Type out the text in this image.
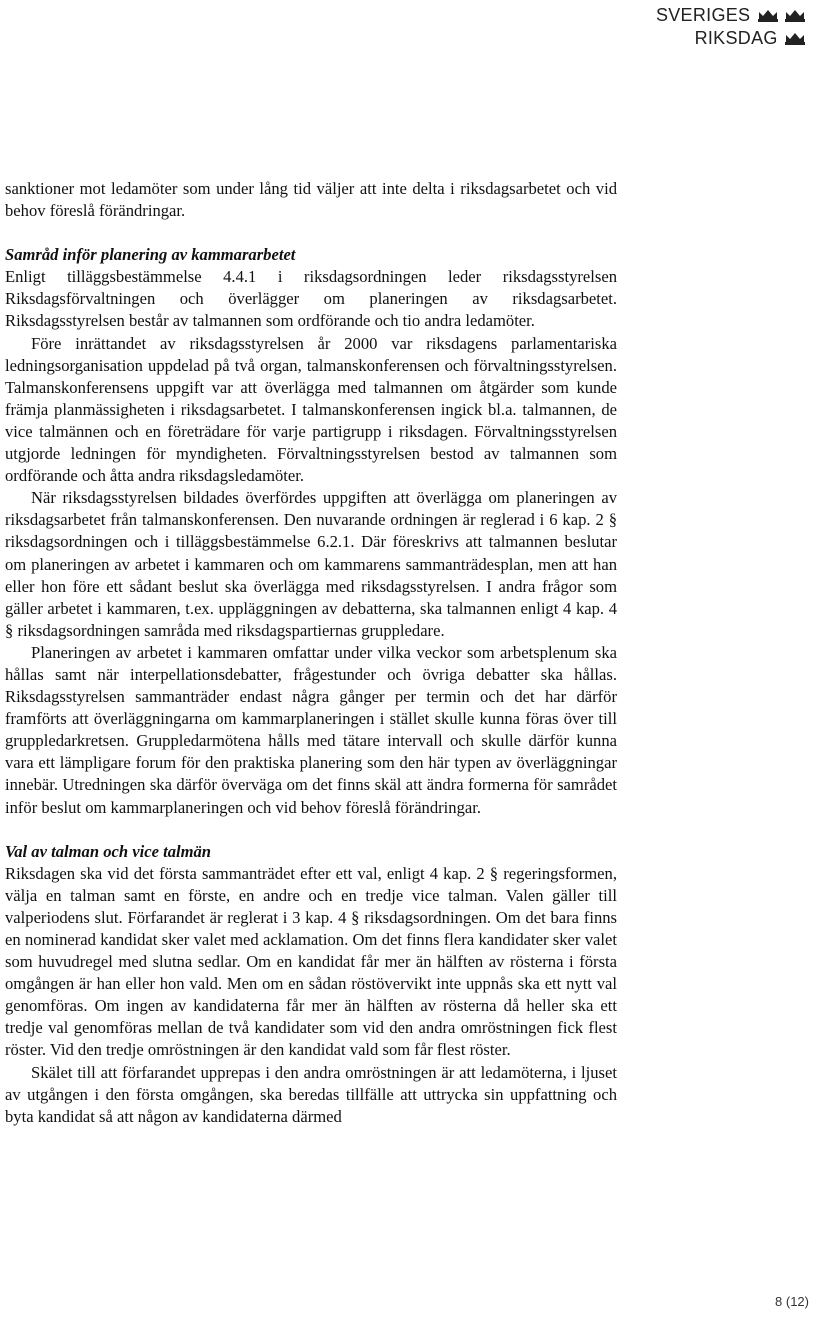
SVERIGES
RIKSDAG

sanktioner mot ledamöter som under lång tid väljer att inte delta i riksdagsarbetet och vid behov föreslå förändringar.

Samråd inför planering av kammararbetet

Enligt tilläggsbestämmelse 4.4.1 i riksdagsordningen leder riksdagsstyrelsen Riksdagsförvaltningen och överlägger om planeringen av riksdagsarbetet. Riksdagsstyrelsen består av talmannen som ordförande och tio andra ledamöter.

Före inrättandet av riksdagsstyrelsen år 2000 var riksdagens parlamentariska ledningsorganisation uppdelad på två organ, talmanskonferensen och förvaltningsstyrelsen. Talmanskonferensens uppgift var att överlägga med talmannen om åtgärder som kunde främja planmässigheten i riksdagsarbetet. I talmanskonferensen ingick bl.a. talmannen, de vice talmännen och en företrädare för varje partigrupp i riksdagen. Förvaltningsstyrelsen utgjorde ledningen för myndigheten. Förvaltningsstyrelsen bestod av talmannen som ordförande och åtta andra riksdagsledamöter.

När riksdagsstyrelsen bildades överfördes uppgiften att överlägga om planeringen av riksdagsarbetet från talmanskonferensen. Den nuvarande ordningen är reglerad i 6 kap. 2 § riksdagsordningen och i tilläggsbestämmelse 6.2.1. Där föreskrivs att talmannen beslutar om planeringen av arbetet i kammaren och om kammarens sammanträdesplan, men att han eller hon före ett sådant beslut ska överlägga med riksdagsstyrelsen. I andra frågor som gäller arbetet i kammaren, t.ex. uppläggningen av debatterna, ska talmannen enligt 4 kap. 4 § riksdagsordningen samråda med riksdagspartiernas gruppledare.

Planeringen av arbetet i kammaren omfattar under vilka veckor som arbetsplenum ska hållas samt när interpellationsdebatter, frågestunder och övriga debatter ska hållas. Riksdagsstyrelsen sammanträder endast några gånger per termin och det har därför framförts att överläggningarna om kammarplaneringen i stället skulle kunna föras över till gruppledarkretsen. Gruppledarmötena hålls med tätare intervall och skulle därför kunna vara ett lämpligare forum för den praktiska planering som den här typen av överläggningar innebär. Utredningen ska därför överväga om det finns skäl att ändra formerna för samrådet inför beslut om kammarplaneringen och vid behov föreslå förändringar.

Val av talman och vice talmän

Riksdagen ska vid det första sammanträdet efter ett val, enligt 4 kap. 2 § regeringsformen, välja en talman samt en förste, en andre och en tredje vice talman. Valen gäller till valperiodens slut. Förfarandet är reglerat i 3 kap. 4 § riksdagsordningen. Om det bara finns en nominerad kandidat sker valet med acklamation. Om det finns flera kandidater sker valet som huvudregel med slutna sedlar. Om en kandidat får mer än hälften av rösterna i första omgången är han eller hon vald. Men om en sådan röstövervikt inte uppnås ska ett nytt val genomföras. Om ingen av kandidaterna får mer än hälften av rösterna då heller ska ett tredje val genomföras mellan de två kandidater som vid den andra omröstningen fick flest röster. Vid den tredje omröstningen är den kandidat vald som får flest röster.

Skälet till att förfarandet upprepas i den andra omröstningen är att ledamöterna, i ljuset av utgången i den första omgången, ska beredas tillfälle att uttrycka sin uppfattning och byta kandidat så att någon av kandidaterna därmed

8 (12)
